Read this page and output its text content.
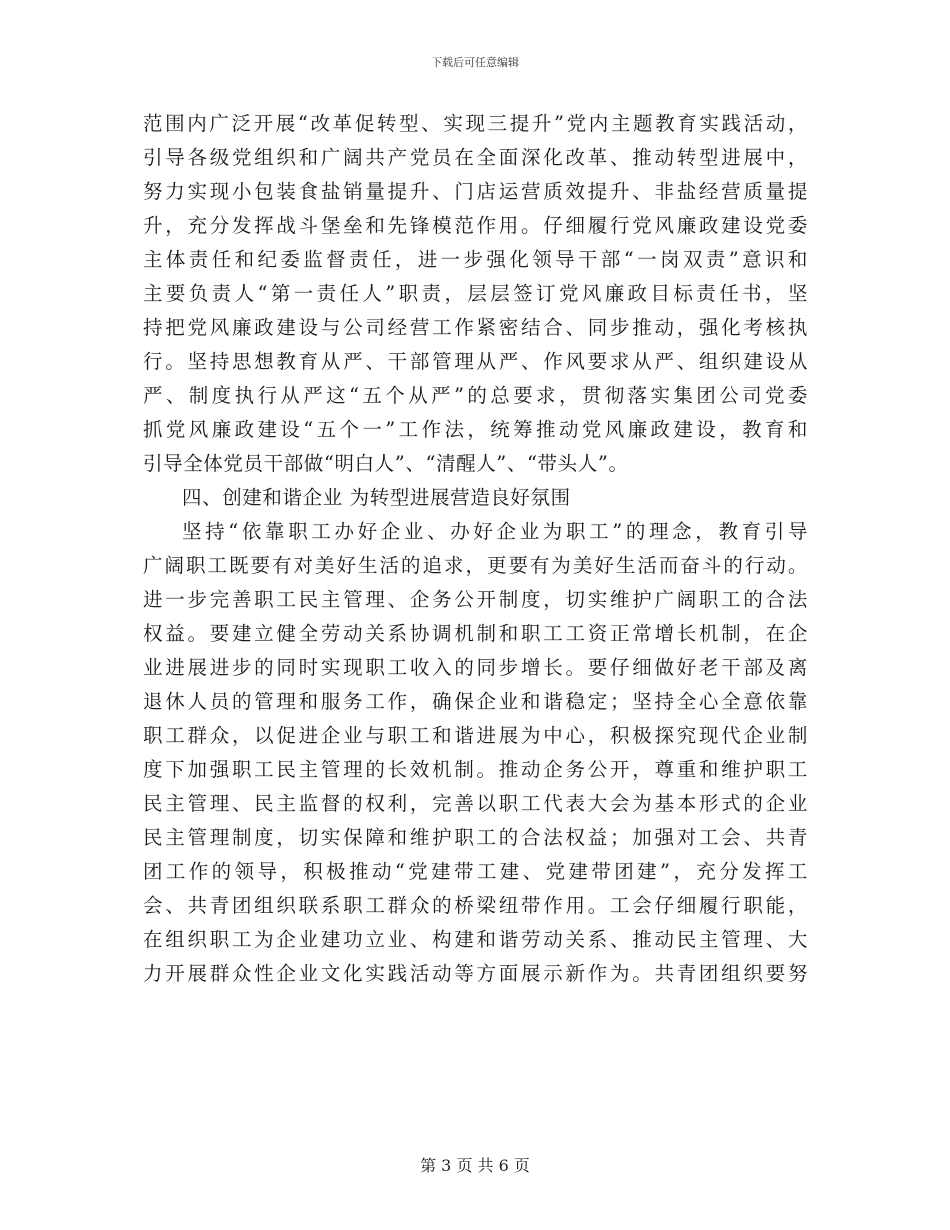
下载后可任意编辑
范围内广泛开展“改革促转型、实现三提升”党内主题教育实践活动，
引导各级党组织和广阔共产党员在全面深化改革、推动转型进展中，
努力实现小包装食盐销量提升、门店运营质效提升、非盐经营质量提
升，充分发挥战斗堡垒和先锋模范作用。仔细履行党风廉政建设党委
主体责任和纪委监督责任，进一步强化领导干部“一岗双责”意识和
主要负责人“第一责任人”职责，层层签订党风廉政目标责任书，坚
持把党风廉政建设与公司经营工作紧密结合、同步推动，强化考核执
行。坚持思想教育从严、干部管理从严、作风要求从严、组织建设从
严、制度执行从严这“五个从严”的总要求，贯彻落实集团公司党委
抓党风廉政建设“五个一”工作法，统筹推动党风廉政建设，教育和
引导全体党员干部做“明白人”、“清醒人”、“带头人”。
四、创建和谐企业 为转型进展营造良好氛围
坚持“依靠职工办好企业、办好企业为职工”的理念，教育引导
广阔职工既要有对美好生活的追求，更要有为美好生活而奋斗的行动。
进一步完善职工民主管理、企务公开制度，切实维护广阔职工的合法
权益。要建立健全劳动关系协调机制和职工工资正常增长机制，在企
业进展进步的同时实现职工收入的同步增长。要仔细做好老干部及离
退休人员的管理和服务工作，确保企业和谐稳定；坚持全心全意依靠
职工群众，以促进企业与职工和谐进展为中心，积极探究现代企业制
度下加强职工民主管理的长效机制。推动企务公开，尊重和维护职工
民主管理、民主监督的权利，完善以职工代表大会为基本形式的企业
民主管理制度，切实保障和维护职工的合法权益；加强对工会、共青
团工作的领导，积极推动“党建带工建、党建带团建”，充分发挥工
会、共青团组织联系职工群众的桥梁纽带作用。工会仔细履行职能，
在组织职工为企业建功立业、构建和谐劳动关系、推动民主管理、大
力开展群众性企业文化实践活动等方面展示新作为。共青团组织要努
第 3 页 共 6 页
